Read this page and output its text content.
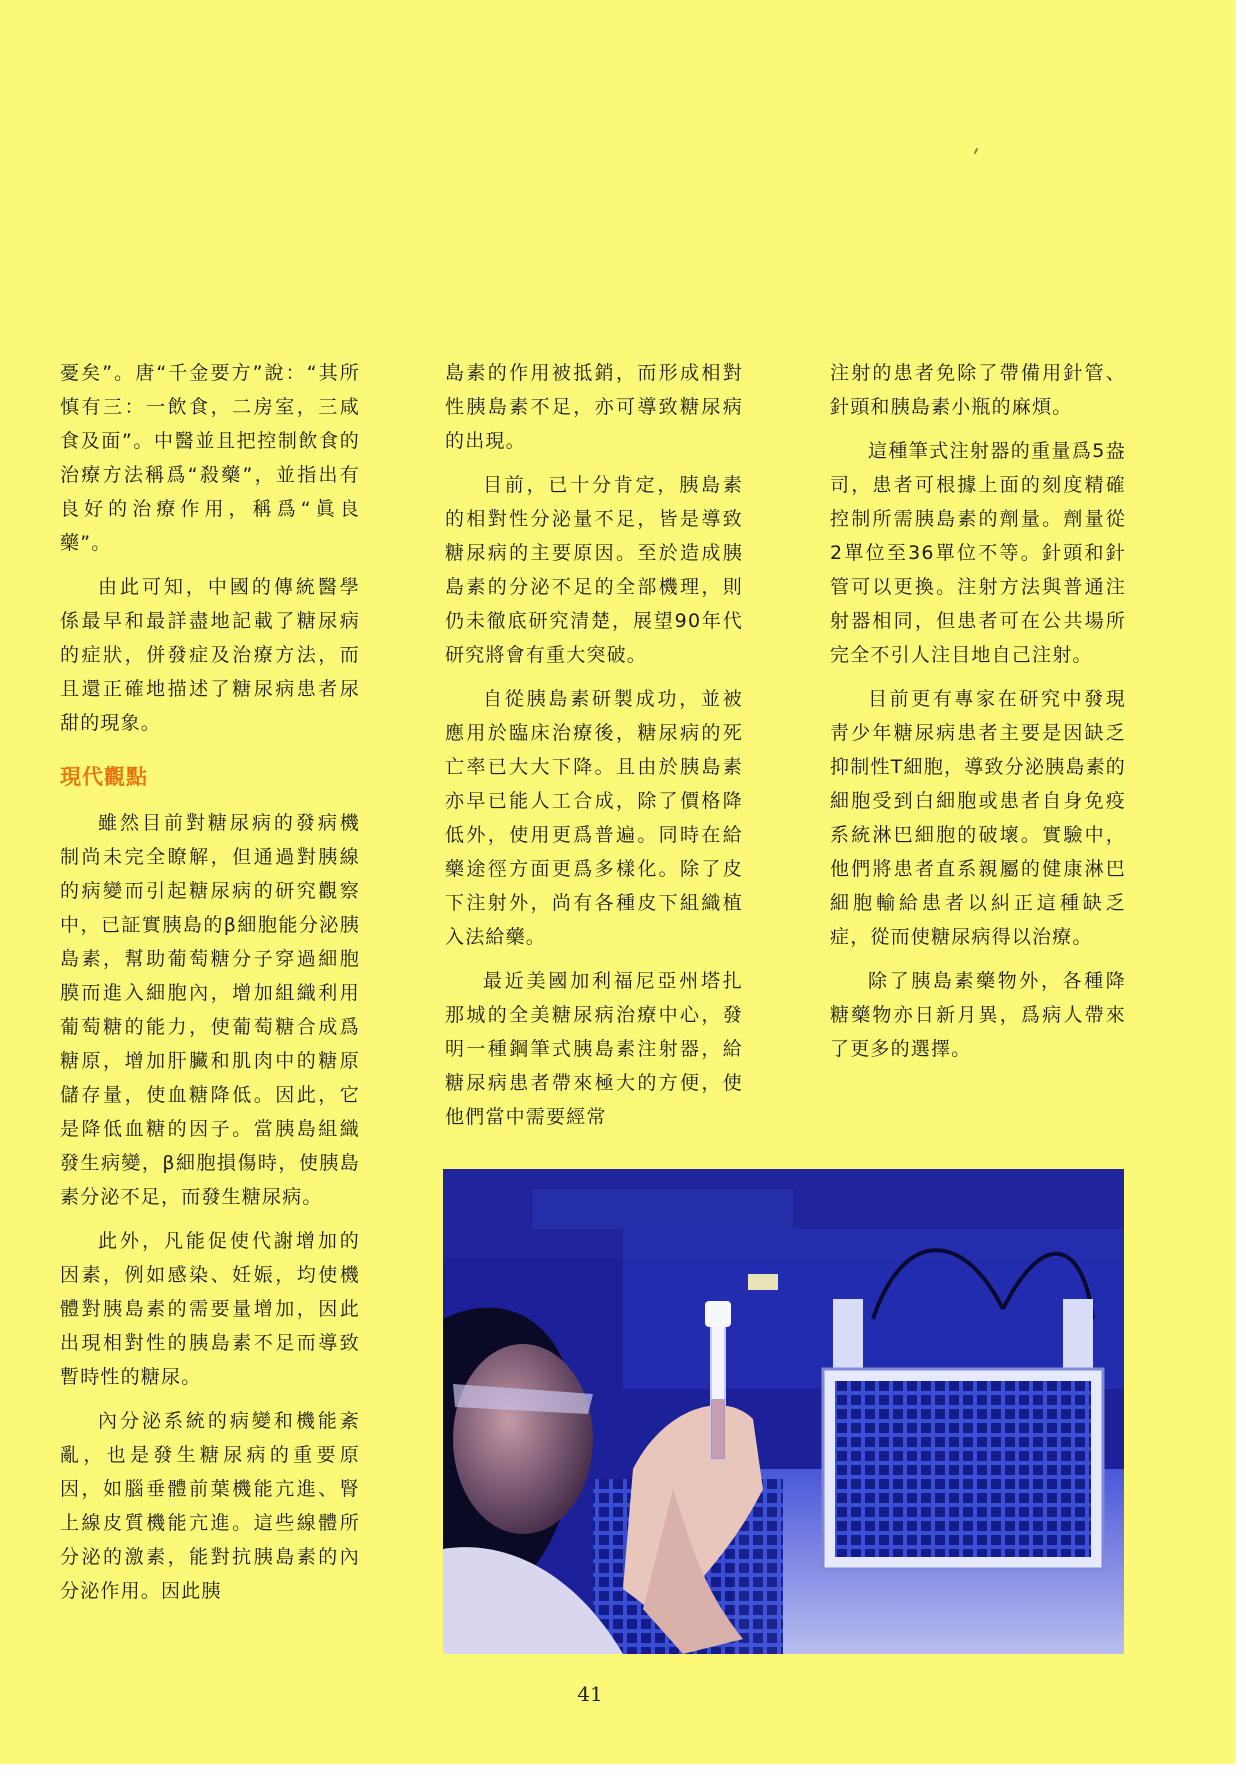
憂矣”。唐“千金要方”說：“其所慎有三：一飲食，二房室，三咸食及面”。中醫並且把控制飲食的治療方法稱爲“殺藥”，並指出有良好的治療作用，稱爲“眞良藥”。

由此可知，中國的傳統醫學係最早和最詳盡地記載了糖尿病的症狀，併發症及治療方法，而且還正確地描述了糖尿病患者尿甜的現象。

現代觀點

雖然目前對糖尿病的發病機制尚未完全瞭解，但通過對胰線的病變而引起糖尿病的研究觀察中，已証實胰島的β細胞能分泌胰島素，幫助葡萄糖分子穿過細胞膜而進入細胞內，增加組織利用葡萄糖的能力，使葡萄糖合成爲糖原，增加肝臟和肌肉中的糖原儲存量，使血糖降低。因此，它是降低血糖的因子。當胰島組織發生病變，β細胞損傷時，使胰島素分泌不足，而發生糖尿病。

此外，凡能促使代謝增加的因素，例如感染、妊娠，均使機體對胰島素的需要量增加，因此出現相對性的胰島素不足而導致暫時性的糖尿。

內分泌系統的病變和機能紊亂，也是發生糖尿病的重要原因，如腦垂體前葉機能亢進、腎上線皮質機能亢進。這些線體所分泌的激素，能對抗胰島素的內分泌作用。因此胰

島素的作用被抵銷，而形成相對性胰島素不足，亦可導致糖尿病的出現。

目前，已十分肯定，胰島素的相對性分泌量不足，皆是導致糖尿病的主要原因。至於造成胰島素的分泌不足的全部機理，則仍未徹底研究清楚，展望90年代研究將會有重大突破。

自從胰島素研製成功，並被應用於臨床治療後，糖尿病的死亡率已大大下降。且由於胰島素亦早已能人工合成，除了價格降低外，使用更爲普遍。同時在給藥途徑方面更爲多樣化。除了皮下注射外，尚有各種皮下組織植入法給藥。

最近美國加利福尼亞州塔扎那城的全美糖尿病治療中心，發明一種鋼筆式胰島素注射器，給糖尿病患者帶來極大的方便，使他們當中需要經常

注射的患者免除了帶備用針管、針頭和胰島素小瓶的麻煩。

這種筆式注射器的重量爲5盎司，患者可根據上面的刻度精確控制所需胰島素的劑量。劑量從2單位至36單位不等。針頭和針管可以更換。注射方法與普通注射器相同，但患者可在公共場所完全不引人注目地自己注射。

目前更有專家在研究中發現靑少年糖尿病患者主要是因缺乏抑制性T細胞，導致分泌胰島素的細胞受到白細胞或患者自身免疫系統淋巴細胞的破壞。實驗中，他們將患者直系親屬的健康淋巴細胞輸給患者以糾正這種缺乏症，從而使糖尿病得以治療。

除了胰島素藥物外，各種降糖藥物亦日新月異，爲病人帶來了更多的選擇。

41
